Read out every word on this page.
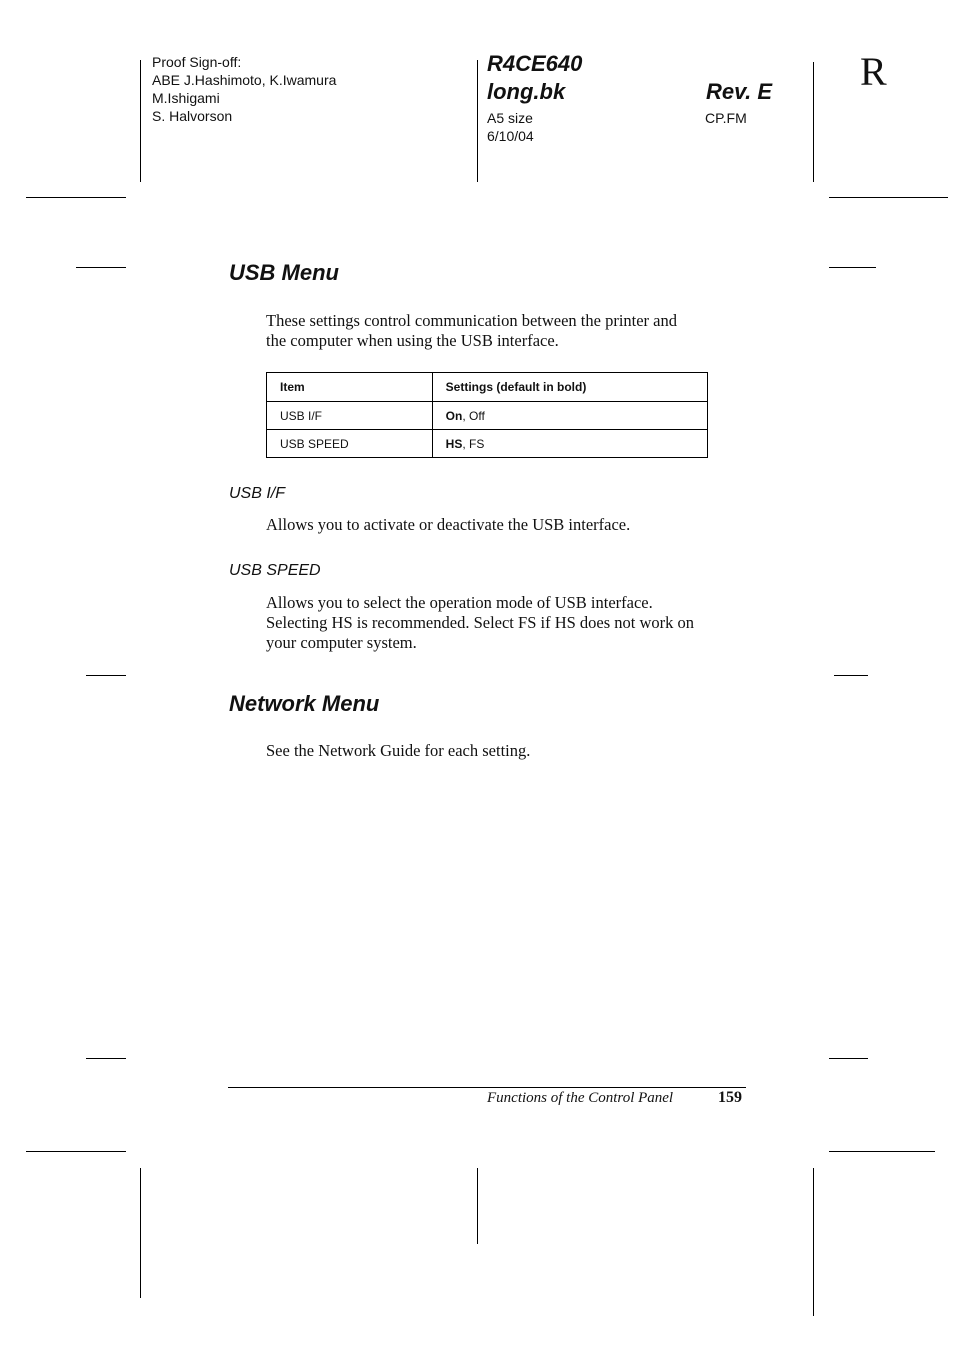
Proof Sign-off:
ABE J.Hashimoto, K.Iwamura
M.Ishigami
S. Halvorson
R4CE640
long.bk	Rev. E
A5 size
6/10/04
CP.FM
R
USB Menu
These settings control communication between the printer and
the computer when using the USB interface.
Item	Settings (default in bold)
USB I/F	On, Off
USB SPEED	HS, FS
USB I/F
Allows you to activate or deactivate the USB interface.
USB SPEED
Allows you to select the operation mode of USB interface.
Selecting HS is recommended. Select FS if HS does not work on
your computer system.
Network Menu
See the Network Guide for each setting.
Functions of the Control Panel	159
